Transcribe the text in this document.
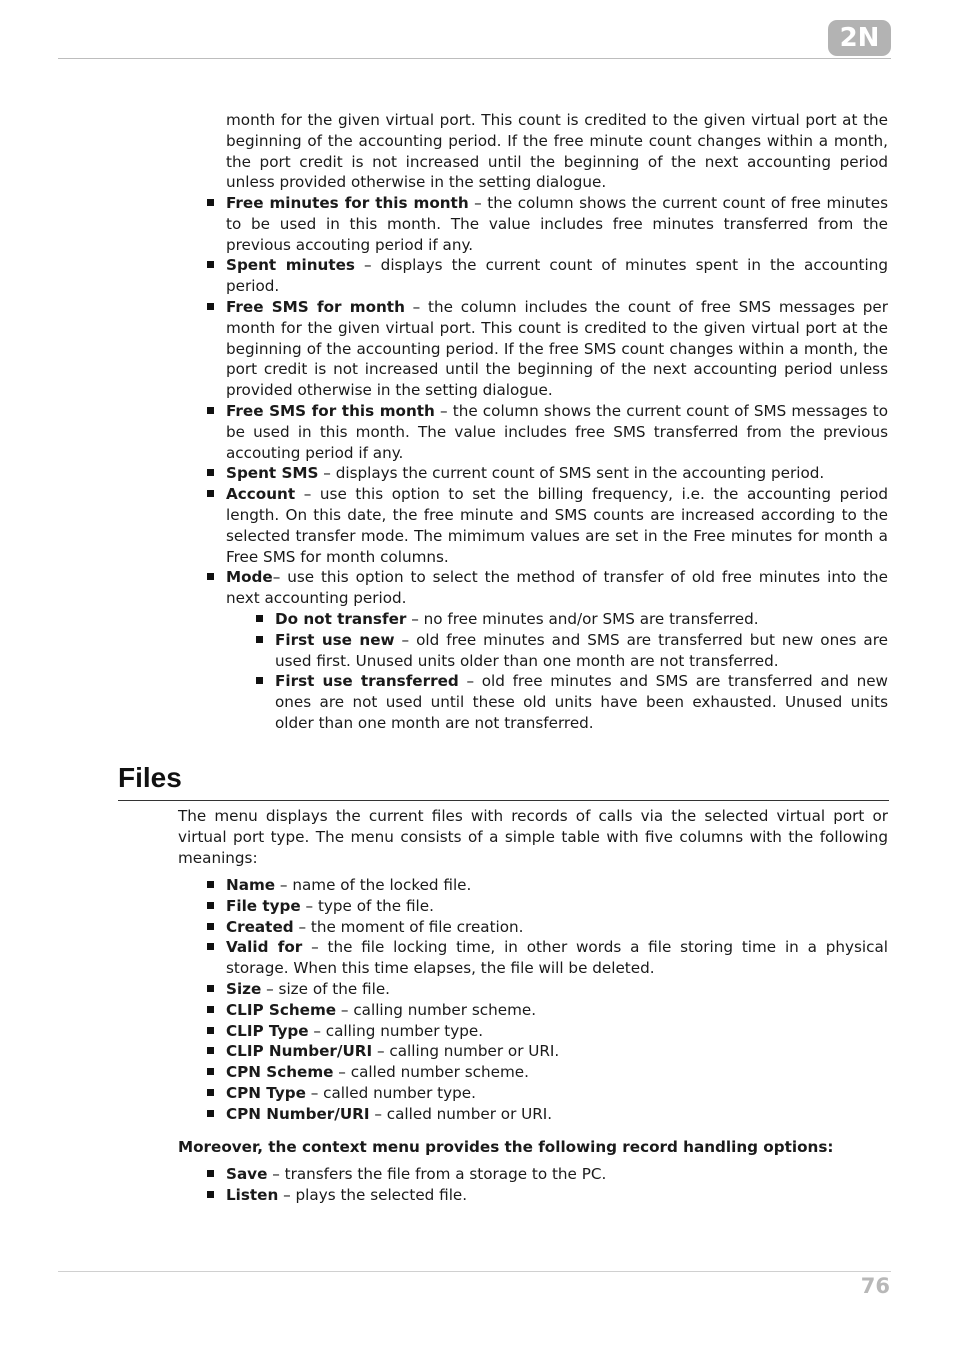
2N

month for the given virtual port. This count is credited to the given virtual port at the beginning of the accounting period. If the free minute count changes within a month, the port credit is not increased until the beginning of the next accounting period unless provided otherwise in the setting dialogue.

Free minutes for this month – the column shows the current count of free minutes to be used in this month. The value includes free minutes transferred from the previous accouting period if any.
Spent minutes – displays the current count of minutes spent in the accounting period.
Free SMS for month – the column includes the count of free SMS messages per month for the given virtual port. This count is credited to the given virtual port at the beginning of the accounting period. If the free SMS count changes within a month, the port credit is not increased until the beginning of the next accounting period unless provided otherwise in the setting dialogue.
Free SMS for this month – the column shows the current count of SMS messages to be used in this month. The value includes free SMS transferred from the previous accouting period if any.
Spent SMS – displays the current count of SMS sent in the accounting period.
Account – use this option to set the billing frequency, i.e. the accounting period length. On this date, the free minute and SMS counts are increased according to the selected transfer mode. The mimimum values are set in the Free minutes for month a Free SMS for month columns.
Mode– use this option to select the method of transfer of old free minutes into the next accounting period.
Do not transfer – no free minutes and/or SMS are transferred.
First use new – old free minutes and SMS are transferred but new ones are used first. Unused units older than one month are not transferred.
First use transferred – old free minutes and SMS are transferred and new ones are not used until these old units have been exhausted. Unused units older than one month are not transferred.
Files

The menu displays the current files with records of calls via the selected virtual port or virtual port type. The menu consists of a simple table with five columns with the following meanings:

Name – name of the locked file.
File type – type of the file.
Created – the moment of file creation.
Valid for – the file locking time, in other words a file storing time in a physical storage. When this time elapses, the file will be deleted.
Size – size of the file.
CLIP Scheme – calling number scheme.
CLIP Type – calling number type.
CLIP Number/URI – calling number or URI.
CPN Scheme – called number scheme.
CPN Type – called number type.
CPN Number/URI – called number or URI.

Moreover, the context menu provides the following record handling options:

Save – transfers the file from a storage to the PC.
Listen – plays the selected file.
76
